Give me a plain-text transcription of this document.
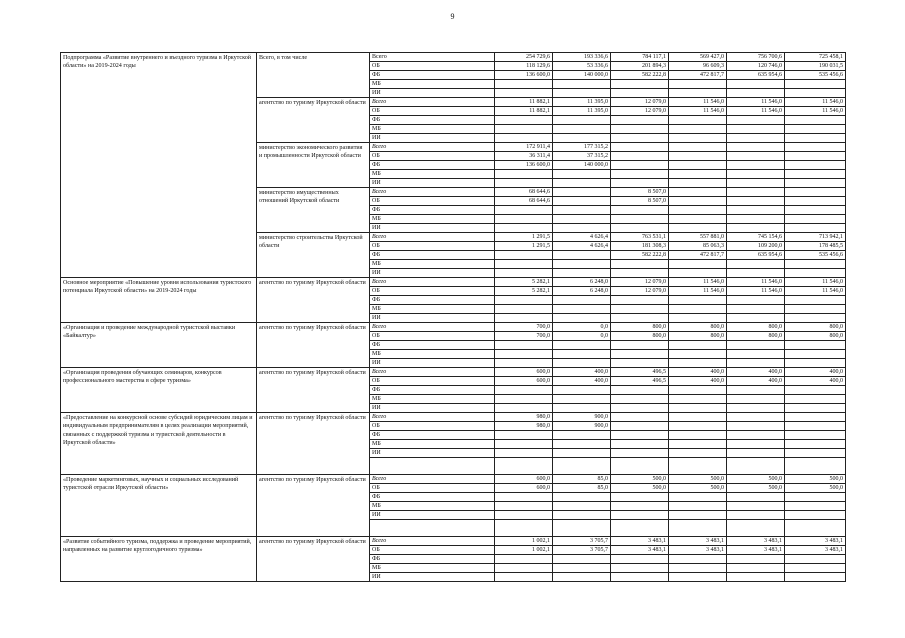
9
Подпрограмма «Развитие внутреннего и въездного туризма в Иркутской области» на 2019-2024 годы	Всего, в том числе	Всего	254 729,6	193 336,6	784 117,1	569 427,0	756 700,6	725 458,1
		ОБ	118 129,6	53 336,6	201 894,3	96 609,3	120 746,0	190 031,5
		ФБ	136 600,0	140 000,0	582 222,8	472 817,7	635 954,6	535 456,6
		МБ						
		ИИ						
	агентство по туризму Иркутской области	Всего	11 882,1	11 395,0	12 079,0	11 546,0	11 546,0	11 546,0
		ОБ	11 882,1	11 395,0	12 079,0	11 546,0	11 546,0	11 546,0
		ФБ						
		МБ						
		ИИ						
	министерство экономического развития и промышленности Иркутской области	Всего	172 911,4	177 315,2				
		ОБ	36 311,4	37 315,2				
		ФБ	136 600,0	140 000,0				
		МБ						
		ИИ						
	министерство имущественных отношений Иркутской области	Всего	68 644,6		8 507,0			
		ОБ	68 644,6		8 507,0			
		ФБ						
		МБ						
		ИИ						
	министерство строительства Иркутской области	Всего	1 291,5	4 626,4	763 531,1	557 881,0	745 154,6	713 942,1
		ОБ	1 291,5	4 626,4	181 308,3	85 063,3	109 200,0	178 485,5
		ФБ			582 222,8	472 817,7	635 954,6	535 456,6
		МБ						
		ИИ						
Основное мероприятие «Повышение уровня использования туристского потенциала Иркутской области» на 2019-2024 годы	агентство по туризму Иркутской области	Всего	5 282,1	6 248,0	12 079,0	11 546,0	11 546,0	11 546,0
		ОБ	5 282,1	6 248,0	12 079,0	11 546,0	11 546,0	11 546,0
		ФБ						
		МБ						
		ИИ						
«Организация и проведение международной туристской выставки «Байкалтур»	агентство по туризму Иркутской области	Всего	700,0	0,0	800,0	800,0	800,0	800,0
		ОБ	700,0	0,0	800,0	800,0	800,0	800,0
		ФБ						
		МБ						
		ИИ						
«Организация проведения обучающих семинаров, конкурсов профессионального мастерства в сфере туризма»	агентство по туризму Иркутской области	Всего	600,0	400,0	496,5	400,0	400,0	400,0
		ОБ	600,0	400,0	496,5	400,0	400,0	400,0
		ФБ						
		МБ						
		ИИ						
«Предоставление на конкурсной основе субсидий юридическим лицам и индивидуальным предпринимателям в целях реализации мероприятий, связанных с поддержкой туризма и туристской деятельности в Иркутской области»	агентство по туризму Иркутской области	Всего	980,0	900,0				
		ОБ	980,0	900,0				
		ФБ						
		МБ						
		ИИ						

«Проведение маркетинговых, научных и социальных исследований туристской отрасли Иркутской области»	агентство по туризму Иркутской области	Всего	600,0	85,0	500,0	500,0	500,0	500,0
		ОБ	600,0	85,0	500,0	500,0	500,0	500,0
		ФБ						
		МБ						
		ИИ						

«Развитие событийного туризма, поддержка и проведение мероприятий, направленных на развитие круглогодичного туризма»	агентство по туризму Иркутской области	Всего	1 002,1	3 705,7	3 483,1	3 483,1	3 483,1	3 483,1
		ОБ	1 002,1	3 705,7	3 483,1	3 483,1	3 483,1	3 483,1
		ФБ						
		МБ						
		ИИ						
